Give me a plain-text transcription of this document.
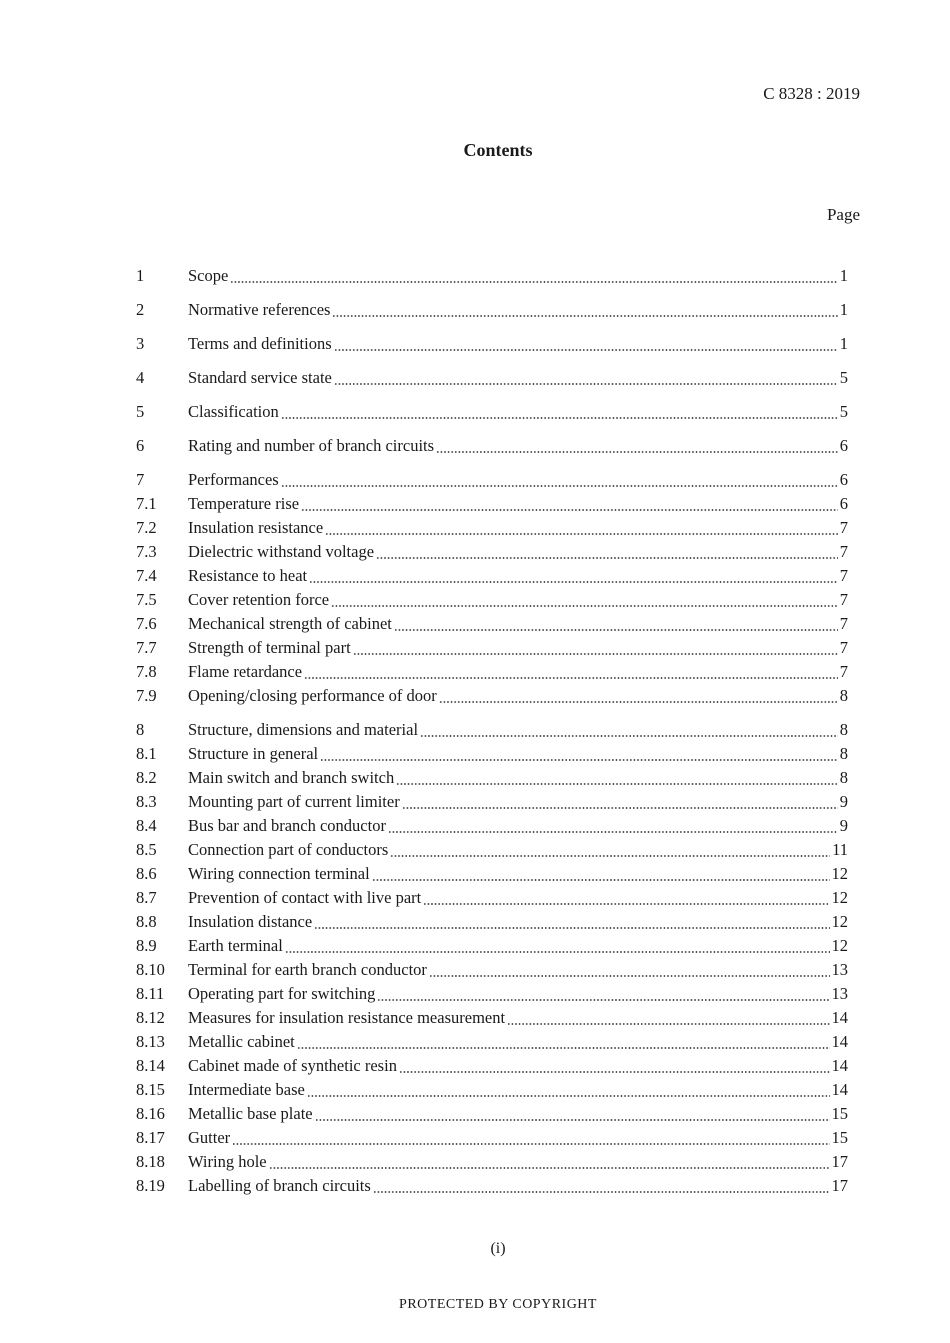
C 8328 : 2019
Contents
Page
1	Scope	1
2	Normative references	1
3	Terms and definitions	1
4	Standard service state	5
5	Classification	5
6	Rating and number of branch circuits	6
7	Performances	6
7.1	Temperature rise	6
7.2	Insulation resistance	7
7.3	Dielectric withstand voltage	7
7.4	Resistance to heat	7
7.5	Cover retention force	7
7.6	Mechanical strength of cabinet	7
7.7	Strength of terminal part	7
7.8	Flame retardance	7
7.9	Opening/closing performance of door	8
8	Structure, dimensions and material	8
8.1	Structure in general	8
8.2	Main switch and branch switch	8
8.3	Mounting part of current limiter	9
8.4	Bus bar and branch conductor	9
8.5	Connection part of conductors	11
8.6	Wiring connection terminal	12
8.7	Prevention of contact with live part	12
8.8	Insulation distance	12
8.9	Earth terminal	12
8.10	Terminal for earth branch conductor	13
8.11	Operating part for switching	13
8.12	Measures for insulation resistance measurement	14
8.13	Metallic cabinet	14
8.14	Cabinet made of synthetic resin	14
8.15	Intermediate base	14
8.16	Metallic base plate	15
8.17	Gutter	15
8.18	Wiring hole	17
8.19	Labelling of branch circuits	17
(i)
PROTECTED BY COPYRIGHT
